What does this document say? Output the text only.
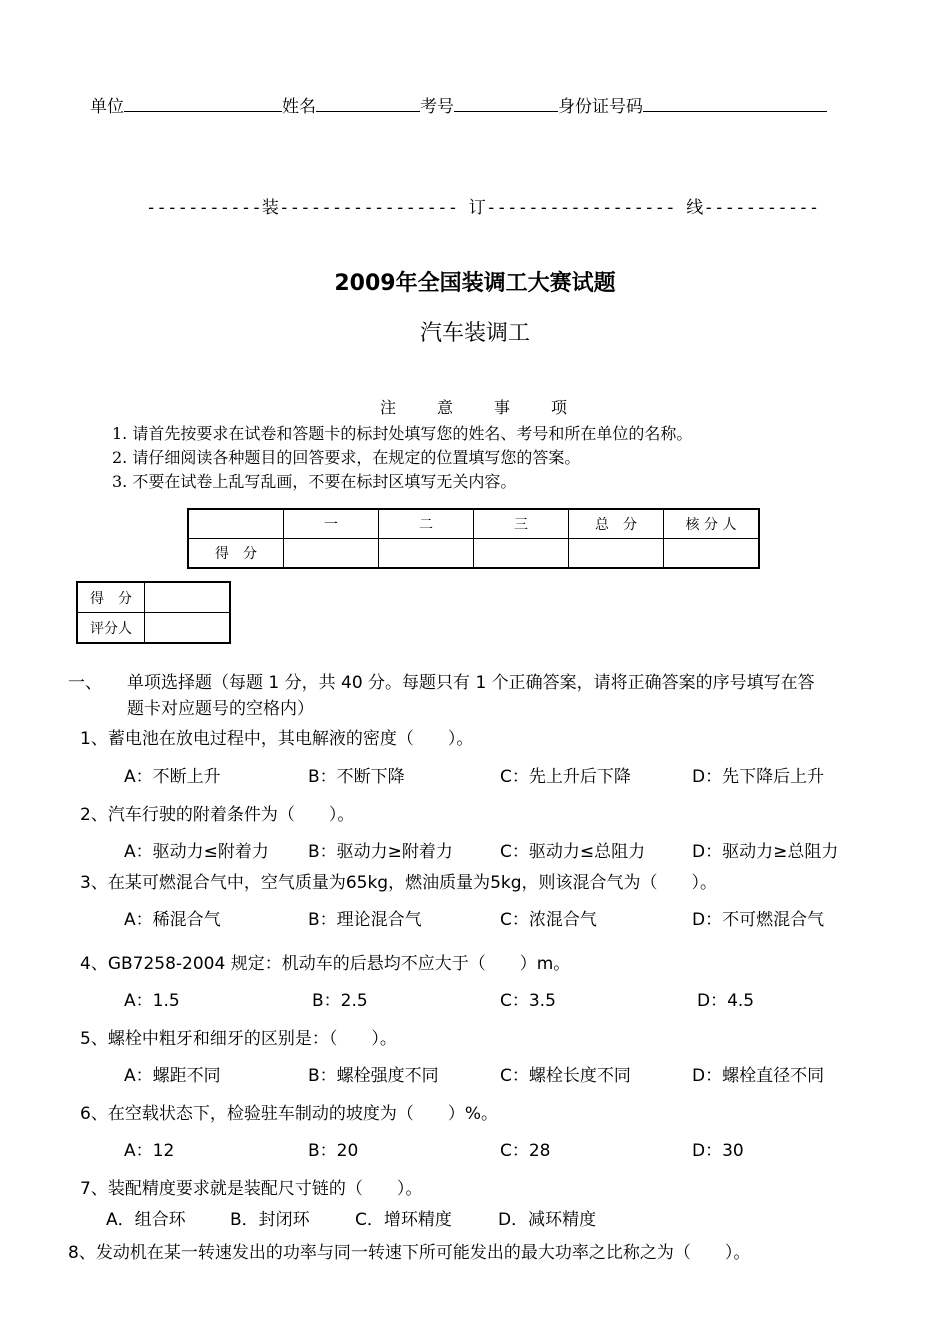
单位	姓名	考号	身份证号码
-----------装----------------- 订------------------ 线-----------
2009年全国装调工大赛试题
汽车装调工
注	意	事	项
1. 请首先按要求在试卷和答题卡的标封处填写您的姓名、考号和所在单位的名称。
2. 请仔细阅读各种题目的回答要求，在规定的位置填写您的答案。
3. 不要在试卷上乱写乱画，不要在标封区填写无关内容。
	一	二	三	总　分	核 分 人
得　分					
得　分	
评分人	
一、 单项选择题（每题 1 分，共 40 分。每题只有 1 个正确答案，请将正确答案的序号填写在答
题卡对应题号的空格内）
1、蓄电池在放电过程中，其电解液的密度（　　）。
A：不断上升	B：不断下降	C：先上升后下降	D：先下降后上升
2、汽车行驶的附着条件为（　　）。
A：驱动力≤附着力 B：驱动力≥附着力	C：驱动力≤总阻力	D：驱动力≥总阻力
3、在某可燃混合气中，空气质量为65kg，燃油质量为5kg，则该混合气为（　　）。
A：稀混合气	B：理论混合气	C：浓混合气	D：不可燃混合气
4、GB7258-2004 规定：机动车的后悬均不应大于（　　）m。
A：1.5	B：2.5	C：3.5	D：4.5
5、螺栓中粗牙和细牙的区别是：（　　）。
A：螺距不同	B：螺栓强度不同	C：螺栓长度不同	D：螺栓直径不同
6、在空载状态下，检验驻车制动的坡度为（　　）%。
A：12	B：20	C：28	D：30
7、装配精度要求就是装配尺寸链的（　　）。
A．组合环	B．封闭环	C．增环精度	D．减环精度
8、发动机在某一转速发出的功率与同一转速下所可能发出的最大功率之比称之为（　　）。
